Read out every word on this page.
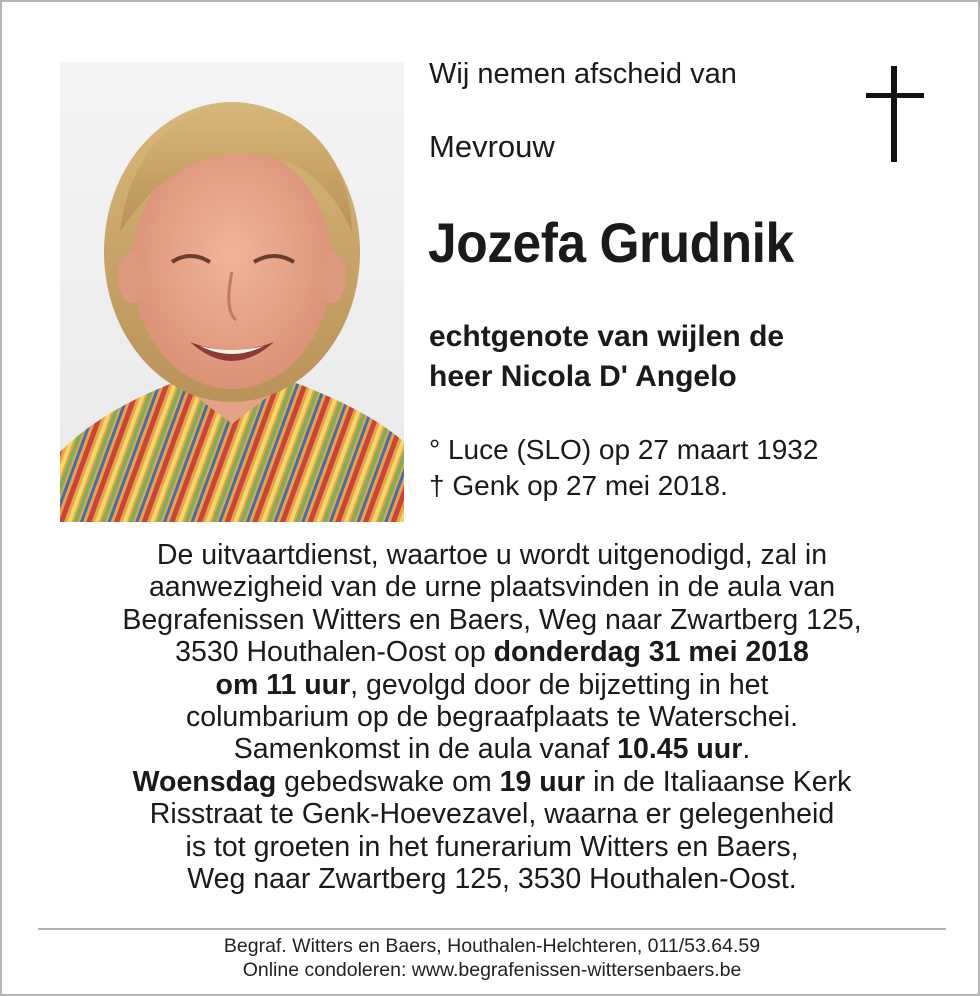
Wij nemen afscheid van
Mevrouw
Jozefa Grudnik
echtgenote van wijlen de
heer Nicola D' Angelo
° Luce (SLO) op 27 maart 1932
† Genk op 27 mei 2018.
De uitvaartdienst, waartoe u wordt uitgenodigd, zal in
aanwezigheid van de urne plaatsvinden in de aula van
Begrafenissen Witters en Baers, Weg naar Zwartberg 125,
3530 Houthalen-Oost op donderdag 31 mei 2018
om 11 uur, gevolgd door de bijzetting in het
columbarium op de begraafplaats te Waterschei.
Samenkomst in de aula vanaf 10.45 uur.
Woensdag gebedswake om 19 uur in de Italiaanse Kerk
Risstraat te Genk-Hoevezavel, waarna er gelegenheid
is tot groeten in het funerarium Witters en Baers,
Weg naar Zwartberg 125, 3530 Houthalen-Oost.
Begraf. Witters en Baers, Houthalen-Helchteren, 011/53.64.59
Online condoleren: www.begrafenissen-wittersenbaers.be
